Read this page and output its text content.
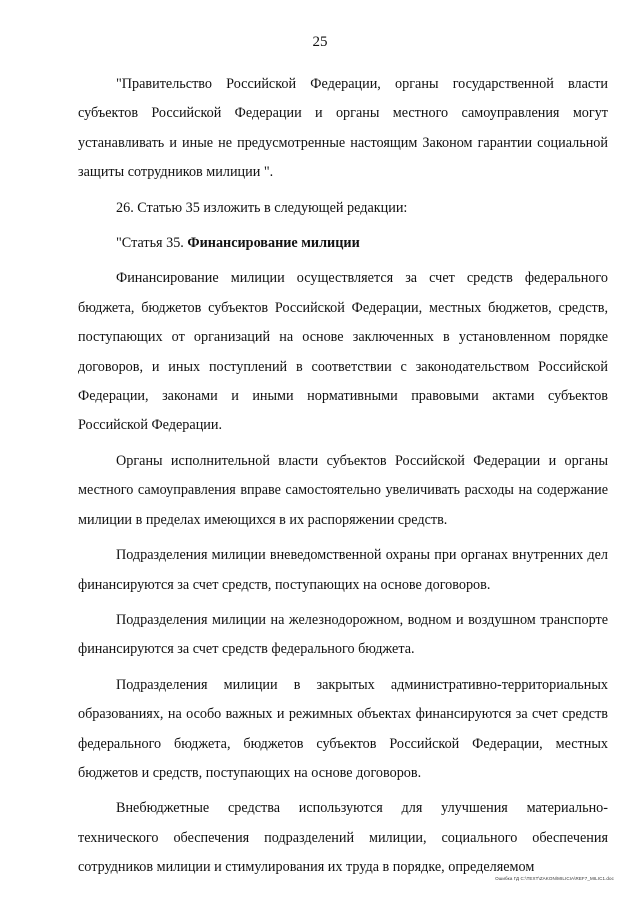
25

"Правительство Российской Федерации, органы государственной власти субъектов Российской Федерации и органы местного самоуправления могут устанавливать и иные не предусмотренные настоящим Законом гарантии социальной защиты сотрудников милиции ".

26. Статью 35 изложить в следующей редакции:

"Статья 35. Финансирование милиции

Финансирование милиции осуществляется за счет средств федерального бюджета, бюджетов субъектов Российской Федерации, местных бюджетов, средств, поступающих от организаций на основе заключенных в установленном порядке договоров, и иных поступлений в соответствии с законодательством Российской Федерации, законами и иными нормативными правовыми актами субъектов Российской Федерации.

Органы исполнительной власти субъектов Российской Федерации и органы местного самоуправления вправе самостоятельно увеличивать расходы на содержание милиции в пределах имеющихся в их распоряжении средств.

Подразделения милиции вневедомственной охраны при органах внутренних дел финансируются за счет средств, поступающих на основе договоров.

Подразделения милиции на железнодорожном, водном и воздушном транспорте финансируются за счет средств федерального бюджета.

Подразделения милиции в закрытых административно-территориальных образованиях, на особо важных и режимных объектах финансируются за счет средств федерального бюджета, бюджетов субъектов Российской Федерации, местных бюджетов и средств, поступающих на основе договоров.

Внебюджетные средства используются для улучшения материально-технического обеспечения подразделений милиции, социального обеспечения сотрудников милиции и стимулирования их труда в порядке, определяемом

Ошибка ГД C:\TEXT\ZAKON\MILICIA\REF7_MILIC1.doc
